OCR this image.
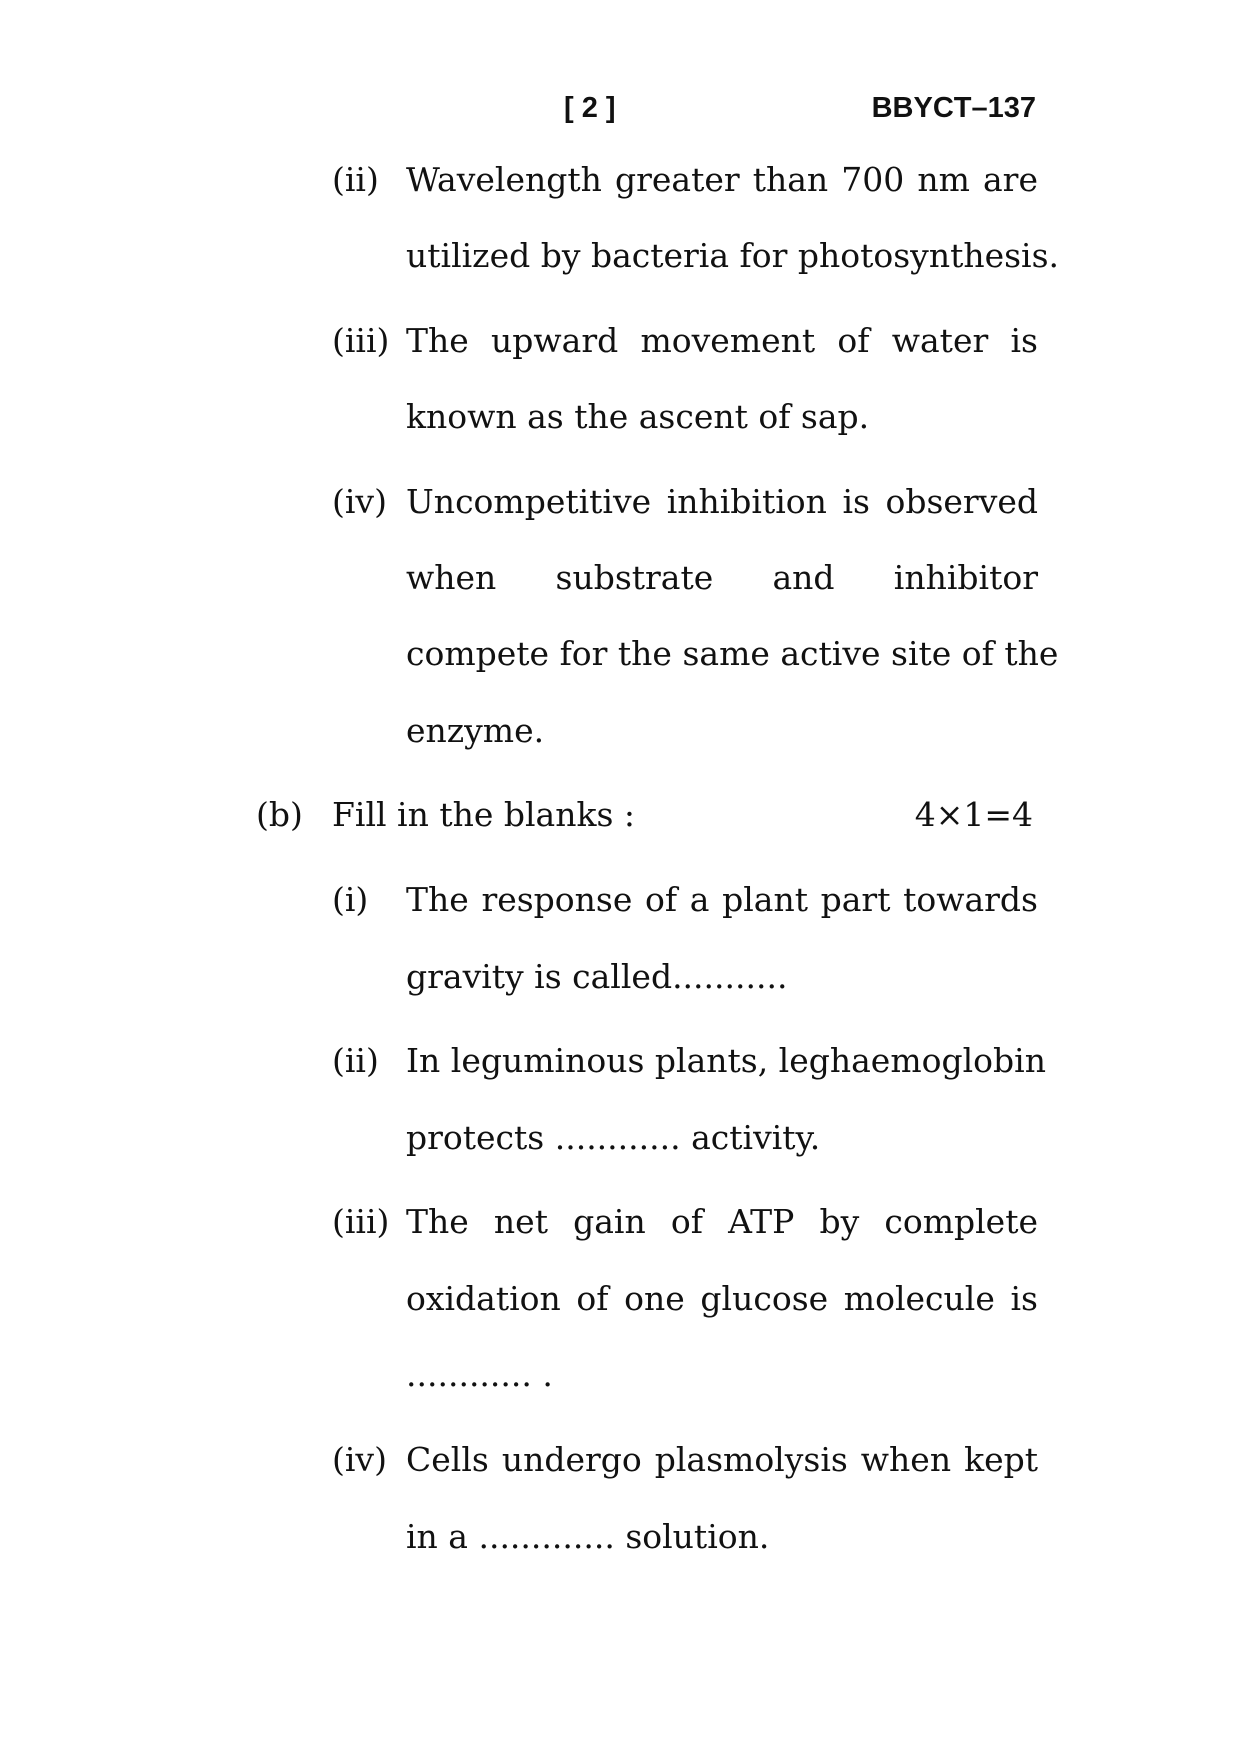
[ 2 ]	BBYCT–137
(ii) Wavelength greater than 700 nm are
utilized by bacteria for photosynthesis.
(iii) The upward movement of water is
known as the ascent of sap.
(iv) Uncompetitive inhibition is observed
when substrate and inhibitor
compete for the same active site of the
enzyme.
(b) Fill in the blanks :	4×1=4
(i) The response of a plant part towards
gravity is called...........
(ii) In leguminous plants, leghaemoglobin
protects ............ activity.
(iii) The net gain of ATP by complete
oxidation of one glucose molecule is
............ .
(iv) Cells undergo plasmolysis when kept
in a ............. solution.
